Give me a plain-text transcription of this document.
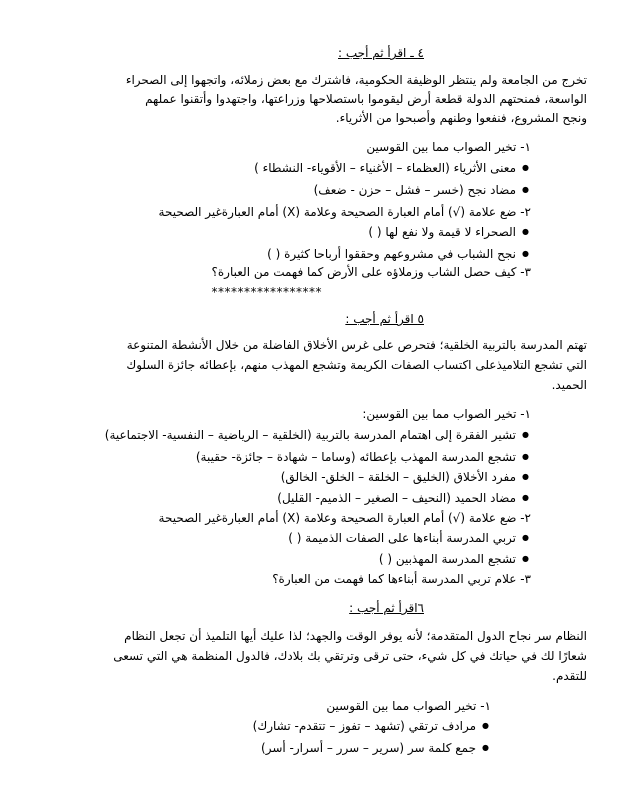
٤ ـ اقرأ ثم أجب :
تخرج من الجامعة ولم ينتظر الوظيفة الحكومية، فاشترك مع بعض زملائه، واتجهوا إلى الصحراء
الواسعة، فمنحتهم الدولة قطعة أرض ليقوموا باستصلاحها وزراعتها، واجتهدوا وأتقنوا عملهم
ونجح المشروع، فنفعوا وطنهم وأصبحوا من الأثرياء.
١- تخير الصواب مما بين القوسين
● معنى الأثرياء (العظماء – الأغنياء – الأقوياء- النشطاء )
● مضاد نجح (خسر – فشل – حزن - ضعف)
٢- ضع علامة (√) أمام العبارة الصحيحة وعلامة (X) أمام العبارةغير الصحيحة
● الصحراء لا قيمة ولا نفع لها ( )
● نجح الشباب في مشروعهم وحققوا أرباحا كثيرة ( )
٣- كيف حصل الشاب وزملاؤه على الأرض كما فهمت من العبارة؟
*****************
٥ اقرأ ثم أجب :
تهتم المدرسة بالتربية الخلقية؛ فتحرص على غرس الأخلاق الفاضلة من خلال الأنشطة المتنوعة
التي تشجع التلاميذعلى اكتساب الصفات الكريمة وتشجع المهذب منهم، بإعطائه جائزة السلوك
الحميد.
١- تخير الصواب مما بين القوسين:
● تشير الفقرة إلى اهتمام المدرسة بالتربية (الخلقية – الرياضية – النفسية- الاجتماعية)
● تشجع المدرسة المهذب بإعطائه (وساما – شهادة – جائزة- حقيبة)
● مفرد الأخلاق (الخليق – الخلقة – الخلق- الخالق)
● مضاد الحميد (النحيف – الصغير – الذميم- القليل)
٢- ضع علامة (√) أمام العبارة الصحيحة وعلامة (X) أمام العبارةغير الصحيحة
● تربي المدرسة أبناءها على الصفات الذميمة ( )
● تشجع المدرسة المهذبين ( )
٣- علام تربي المدرسة أبناءها كما فهمت من العبارة؟
٦اقرأ ثم أجب :
النظام سر نجاح الدول المتقدمة؛ لأنه يوفر الوقت والجهد؛ لذا عليك أيها التلميذ أن تجعل النظام
شعارًا لك في حياتك في كل شيء، حتى ترقى وترتقي بك بلادك، فالدول المنظمة هي التي تسعى
للتقدم.
١- تخير الصواب مما بين القوسين
● مرادف ترتقي (تشهد – تفوز – تتقدم- تشارك)
● جمع كلمة سر (سرير – سرر – أسرار- أسر)
